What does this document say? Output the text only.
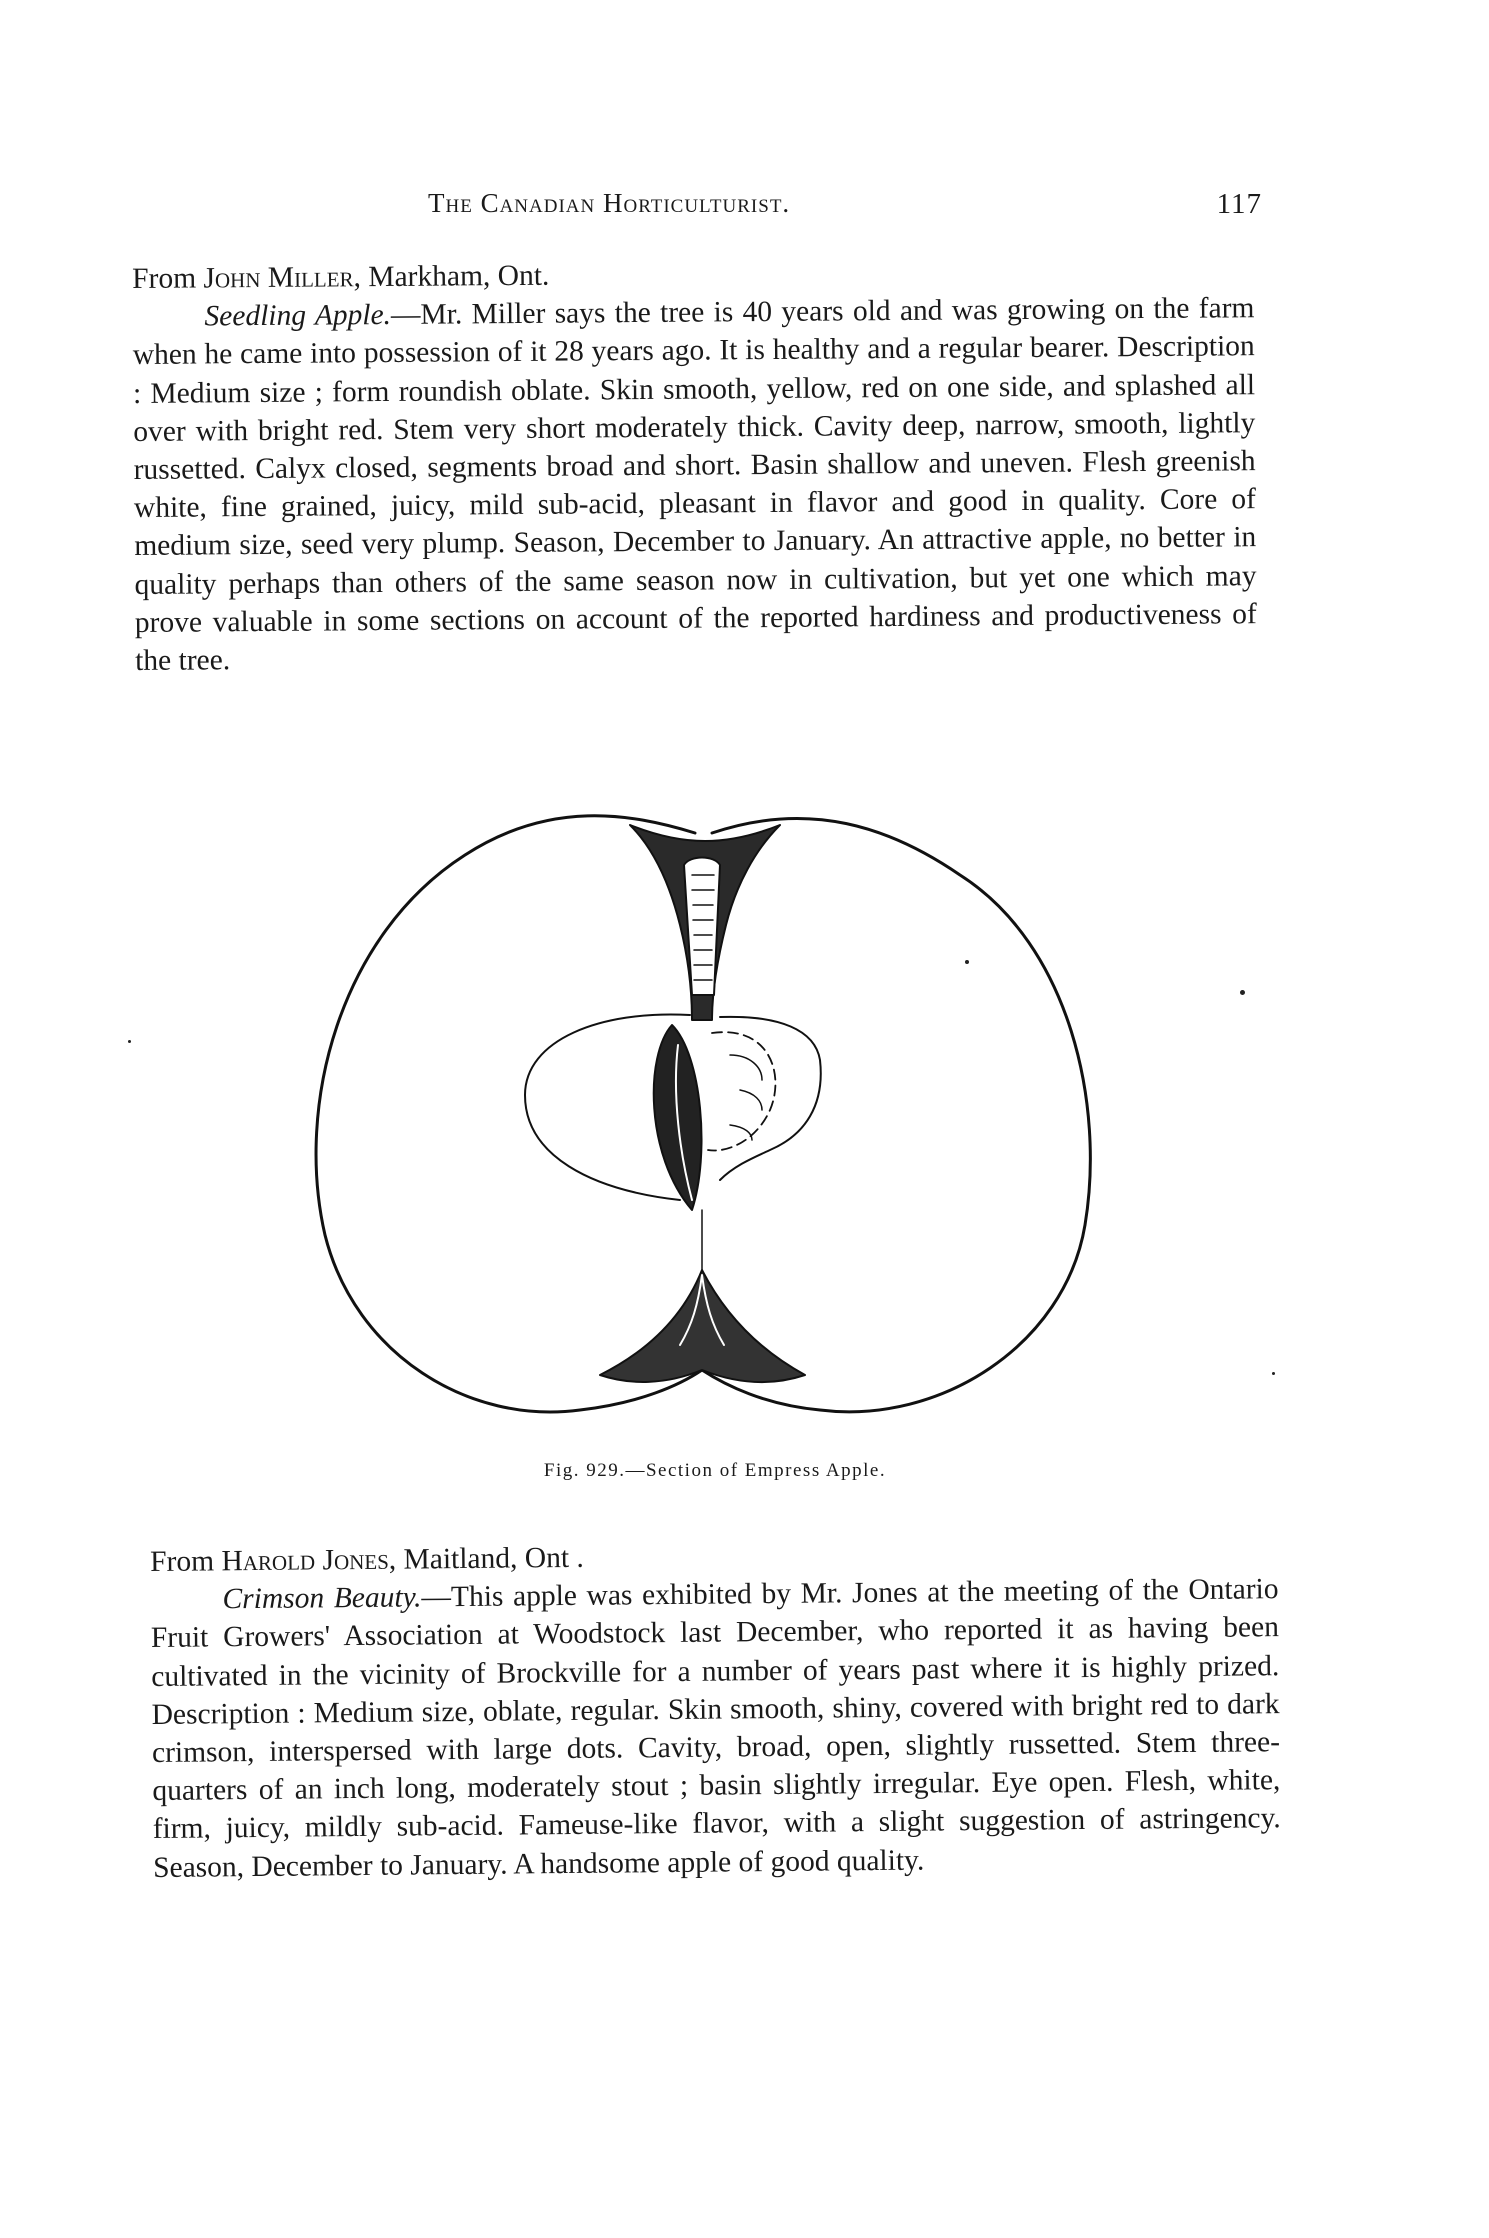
The Canadian Horticulturist.	117

From John Miller, Markham, Ont.

Seedling Apple.—Mr. Miller says the tree is 40 years old and was growing on the farm when he came into possession of it 28 years ago. It is healthy and a regular bearer. Description : Medium size ; form roundish oblate. Skin smooth, yellow, red on one side, and splashed all over with bright red. Stem very short moderately thick. Cavity deep, narrow, smooth, lightly russetted. Calyx closed, segments broad and short. Basin shallow and uneven. Flesh greenish white, fine grained, juicy, mild sub-acid, pleasant in flavor and good in quality. Core of medium size, seed very plump. Season, December to January. An attractive apple, no better in quality perhaps than others of the same season now in cultivation, but yet one which may prove valuable in some sections on account of the reported hardiness and productiveness of the tree.

Fig. 929.—Section of Empress Apple.

From Harold Jones, Maitland, Ont .

Crimson Beauty.—This apple was exhibited by Mr. Jones at the meeting of the Ontario Fruit Growers' Association at Woodstock last December, who reported it as having been cultivated in the vicinity of Brockville for a number of years past where it is highly prized. Description : Medium size, oblate, regular. Skin smooth, shiny, covered with bright red to dark crimson, interspersed with large dots. Cavity, broad, open, slightly russetted. Stem three-quarters of an inch long, moderately stout ; basin slightly irregular. Eye open. Flesh, white, firm, juicy, mildly sub-acid. Fameuse-like flavor, with a slight suggestion of astringency. Season, December to January. A handsome apple of good quality.
